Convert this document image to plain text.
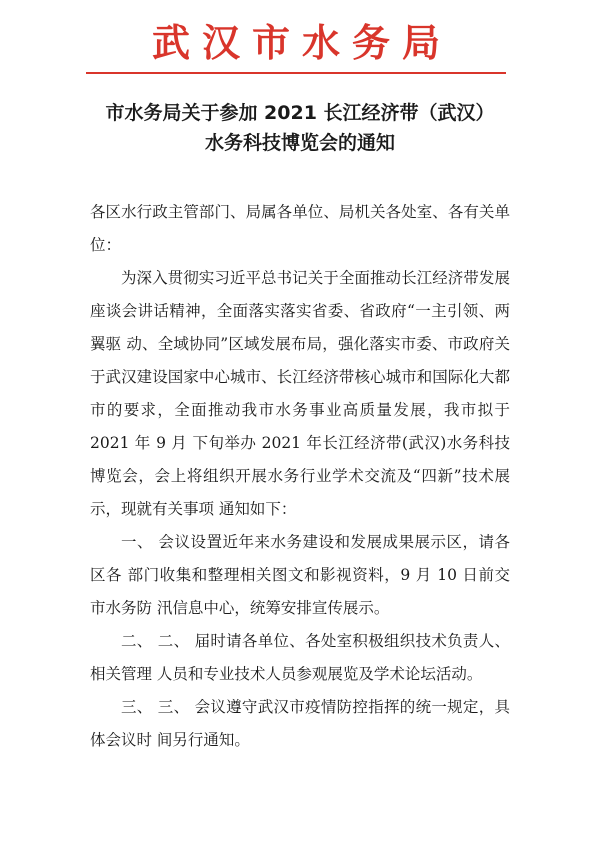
武汉市水务局
市水务局关于参加 2021 长江经济带（武汉）
水务科技博览会的通知

各区水行政主管部门、局属各单位、局机关各处室、各有关单位：

为深入贯彻实习近平总书记关于全面推动长江经济带发展座谈会讲话精神，全面落实落实省委、省政府“一主引领、两翼驱 动、全域协同”区域发展布局，强化落实市委、市政府关于武汉建设国家中心城市、长江经济带核心城市和国际化大都市的要求，全面推动我市水务事业高质量发展，我市拟于 2021 年 9 月 下旬举办 2021 年长江经济带(武汉)水务科技博览会，会上将组织开展水务行业学术交流及“四新”技术展示，现就有关事项 通知如下：

一、 会议设置近年来水务建设和发展成果展示区，请各区各 部门收集和整理相关图文和影视资料，9 月 10 日前交市水务防 汛信息中心，统筹安排宣传展示。

二、 二、 届时请各单位、各处室积极组织技术负责人、相关管理 人员和专业技术人员参观展览及学术论坛活动。

三、 三、 会议遵守武汉市疫情防控指挥的统一规定，具体会议时 间另行通知。
